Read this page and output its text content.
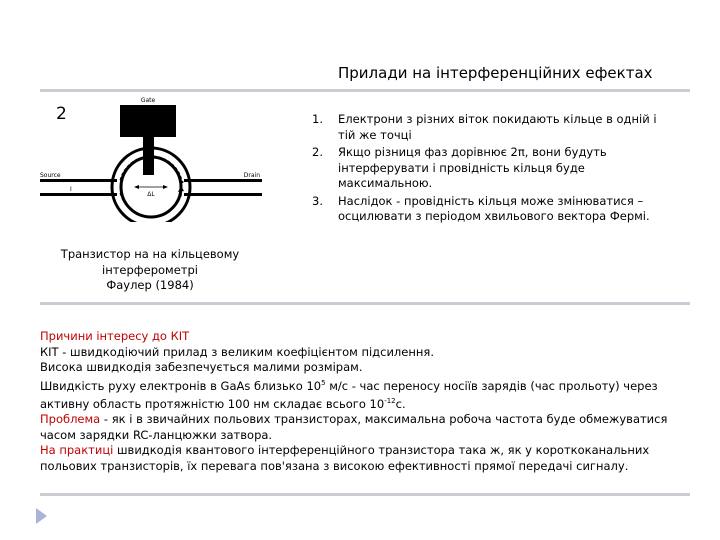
Прилади на інтерференційних ефектах
2
Gate
ΔL
Source	Drain
I
Транзистор на на кільцевому
інтерферометрі
Фаулер (1984)
1. Електрони з різних віток покидають кільце в одній і тій же точці
2. Якщо різниця фаз дорівнює 2π, вони будуть інтерферувати і провідність кільця буде максимальною.
3. Наслідок - провідність кільця може змінюватися – осцилювати з періодом хвильового вектора Фермі.

Причини інтересу до КІТ

КІТ - швидкодіючий прилад з великим коефіцієнтом підсилення.

Висока швидкодія забезпечується малими розмірам.

Швидкість руху електронів в GaAs близько $10^5$ м/с - час переносу носіїв зарядів (час прольоту) через активну область протяжністю 100 нм складає всього $10^{-12}с$.

Проблема - як і в звичайних польових транзисторах, максимальна робоча частота буде обмежуватися часом зарядки RC-ланцюжки затвора.

На практиці швидкодія квантового інтерференційного транзистора така ж, як у короткоканальних польових транзисторів, їх перевага пов'язана з високою ефективності прямої передачі сигналу.
